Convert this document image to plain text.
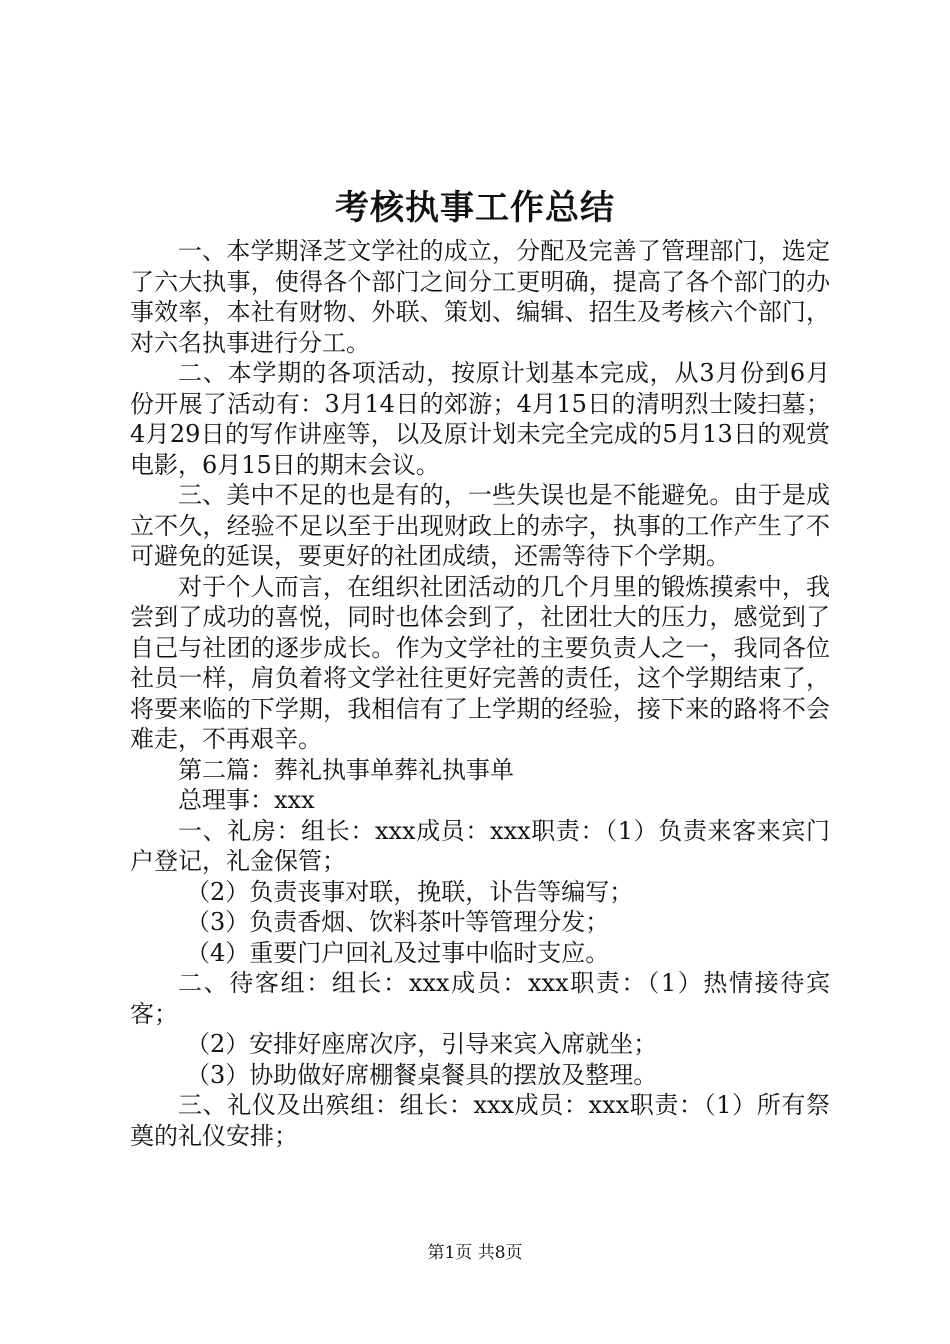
考核执事工作总结

一、本学期泽芝文学社的成立，分配及完善了管理部门，选定了六大执事，使得各个部门之间分工更明确，提高了各个部门的办事效率，本社有财物、外联、策划、编辑、招生及考核六个部门，对六名执事进行分工。

二、本学期的各项活动，按原计划基本完成，从3月份到6月份开展了活动有：3月14日的郊游；4月15日的清明烈士陵扫墓；4月29日的写作讲座等，以及原计划未完全完成的5月13日的观赏电影，6月15日的期末会议。

三、美中不足的也是有的，一些失误也是不能避免。由于是成立不久，经验不足以至于出现财政上的赤字，执事的工作产生了不可避免的延误，要更好的社团成绩，还需等待下个学期。

对于个人而言，在组织社团活动的几个月里的锻炼摸索中，我尝到了成功的喜悦，同时也体会到了，社团壮大的压力，感觉到了自己与社团的逐步成长。作为文学社的主要负责人之一，我同各位社员一样，肩负着将文学社往更好完善的责任，这个学期结束了，将要来临的下学期，我相信有了上学期的经验，接下来的路将不会难走，不再艰辛。

第二篇：葬礼执事单葬礼执事单

总理事：xxx

一、礼房：组长：xxx成员：xxx职责：（1）负责来客来宾门户登记，礼金保管；

（2）负责丧事对联，挽联，讣告等编写；

（3）负责香烟、饮料茶叶等管理分发；

（4）重要门户回礼及过事中临时支应。

二、待客组：组长：xxx成员：xxx职责：（1）热情接待宾客；

（2）安排好座席次序，引导来宾入席就坐；

（3）协助做好席棚餐桌餐具的摆放及整理。

三、礼仪及出殡组：组长：xxx成员：xxx职责：（1）所有祭奠的礼仪安排；

第1页 共8页
